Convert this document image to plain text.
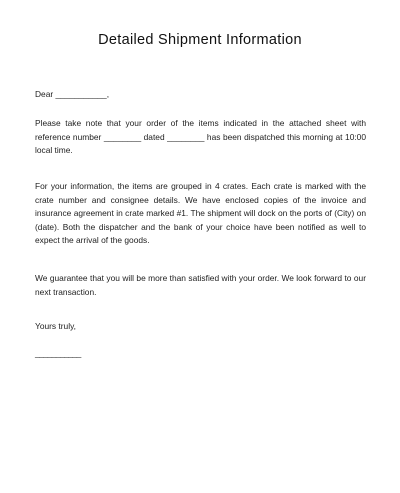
Detailed Shipment Information
Dear ___________,
Please take note that your order of the items indicated in the attached sheet with reference number ________ dated ________ has been dispatched this morning at 10:00 local time.
For your information, the items are grouped in 4 crates. Each crate is marked with the crate number and consignee details. We have enclosed copies of the invoice and insurance agreement in crate marked #1. The shipment will dock on the ports of (City) on (date). Both the dispatcher and the bank of your choice have been notified as well to expect the arrival of the goods.
We guarantee that you will be more than satisfied with your order. We look forward to our next transaction.
Yours truly,
___________
